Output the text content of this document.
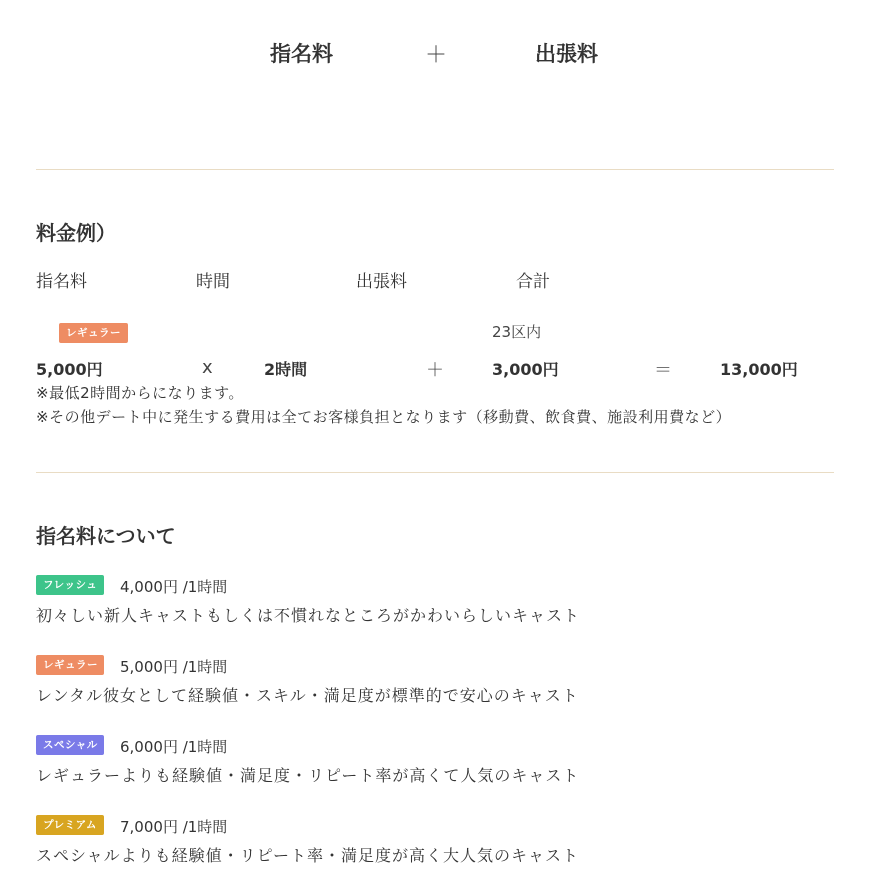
指名料	＋	出張料
料金例）
指名料	時間	出張料	合計
レギュラー	23区内
5,000円	x	2時間	＋	3,000円	＝	13,000円
※最低2時間からになります。
※その他デート中に発生する費用は全てお客様負担となります（移動費、飲食費、施設利用費など）
指名料について
フレッシュ	4,000円 /1時間
初々しい新人キャストもしくは不慣れなところがかわいらしいキャスト
レギュラー	5,000円 /1時間
レンタル彼女として経験値・スキル・満足度が標準的で安心のキャスト
スペシャル	6,000円 /1時間
レギュラーよりも経験値・満足度・リピート率が高くて人気のキャスト
プレミアム	7,000円 /1時間
スペシャルよりも経験値・リピート率・満足度が高く大人気のキャスト
